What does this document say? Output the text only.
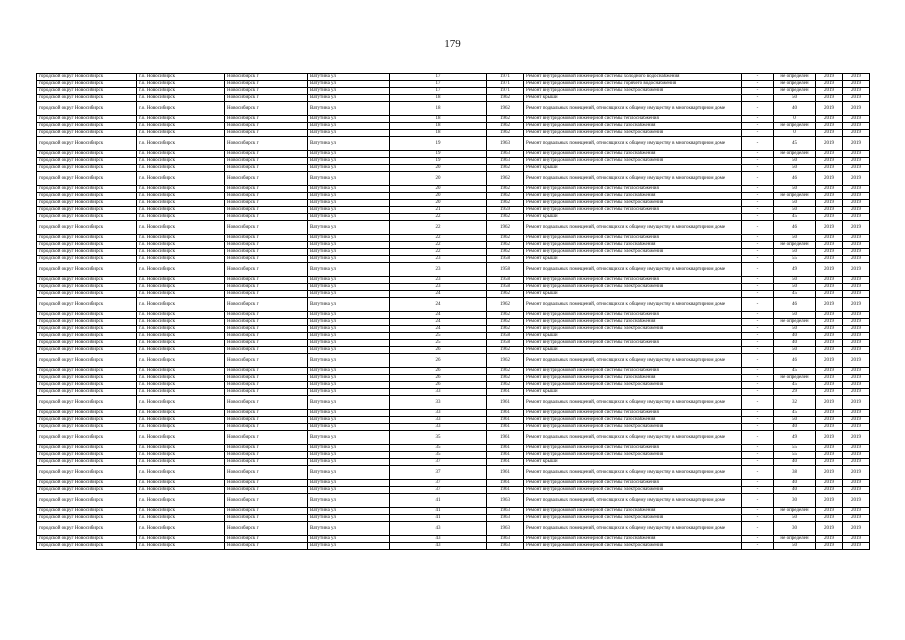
179
городской округ Новосибирск	г.о. Новосибирск	Новосибирск г	Ватутина ул	17	1971	Ремонт внутридомовой инженерной системы холодного водоснабжения	-	не определен	2019	2019
городской округ Новосибирск	г.о. Новосибирск	Новосибирск г	Ватутина ул	17	1971	Ремонт внутридомовой инженерной системы горячего водоснабжения	-	не определен	2019	2019
городской округ Новосибирск	г.о. Новосибирск	Новосибирск г	Ватутина ул	17	1971	Ремонт внутридомовой инженерной системы электроснабжения	-	не определен	2019	2019
городской округ Новосибирск	г.о. Новосибирск	Новосибирск г	Ватутина ул	18	1962	Ремонт крыши	-	50	2019	2019
городской округ Новосибирск	г.о. Новосибирск	Новосибирск г	Ватутина ул	18	1962	Ремонт подвальных помещений, относящихся к общему имуществу в многоквартирном доме	-	40	2019	2019
городской округ Новосибирск	г.о. Новосибирск	Новосибирск г	Ватутина ул	18	1962	Ремонт внутридомовой инженерной системы теплоснабжения	-	0	2019	2019
городской округ Новосибирск	г.о. Новосибирск	Новосибирск г	Ватутина ул	18	1962	Ремонт внутридомовой инженерной системы газоснабжения	-	не определен	2019	2019
городской округ Новосибирск	г.о. Новосибирск	Новосибирск г	Ватутина ул	18	1962	Ремонт внутридомовой инженерной системы электроснабжения	-	0	2019	2019
городской округ Новосибирск	г.о. Новосибирск	Новосибирск г	Ватутина ул	19	1963	Ремонт подвальных помещений, относящихся к общему имуществу в многоквартирном доме	-	45	2019	2019
городской округ Новосибирск	г.о. Новосибирск	Новосибирск г	Ватутина ул	19	1963	Ремонт внутридомовой инженерной системы газоснабжения	-	не определен	2019	2019
городской округ Новосибирск	г.о. Новосибирск	Новосибирск г	Ватутина ул	19	1963	Ремонт внутридомовой инженерной системы электроснабжения	-	50	2019	2019
городской округ Новосибирск	г.о. Новосибирск	Новосибирск г	Ватутина ул	20	1962	Ремонт крыши	-	50	2019	2019
городской округ Новосибирск	г.о. Новосибирск	Новосибирск г	Ватутина ул	20	1962	Ремонт подвальных помещений, относящихся к общему имуществу в многоквартирном доме	-	46	2019	2019
городской округ Новосибирск	г.о. Новосибирск	Новосибирск г	Ватутина ул	20	1962	Ремонт внутридомовой инженерной системы теплоснабжения	-	50	2019	2019
городской округ Новосибирск	г.о. Новосибирск	Новосибирск г	Ватутина ул	20	1962	Ремонт внутридомовой инженерной системы газоснабжения	-	не определен	2019	2019
городской округ Новосибирск	г.о. Новосибирск	Новосибирск г	Ватутина ул	20	1962	Ремонт внутридомовой инженерной системы электроснабжения	-	50	2019	2019
городской округ Новосибирск	г.о. Новосибирск	Новосибирск г	Ватутина ул	21	1959	Ремонт внутридомовой инженерной системы теплоснабжения	-	50	2019	2019
городской округ Новосибирск	г.о. Новосибирск	Новосибирск г	Ватутина ул	22	1962	Ремонт крыши	-	45	2019	2019
городской округ Новосибирск	г.о. Новосибирск	Новосибирск г	Ватутина ул	22	1962	Ремонт подвальных помещений, относящихся к общему имуществу в многоквартирном доме	-	46	2019	2019
городской округ Новосибирск	г.о. Новосибирск	Новосибирск г	Ватутина ул	22	1962	Ремонт внутридомовой инженерной системы теплоснабжения	-	50	2019	2019
городской округ Новосибирск	г.о. Новосибирск	Новосибирск г	Ватутина ул	22	1962	Ремонт внутридомовой инженерной системы газоснабжения	-	не определен	2019	2019
городской округ Новосибирск	г.о. Новосибирск	Новосибирск г	Ватутина ул	22	1962	Ремонт внутридомовой инженерной системы электроснабжения	-	50	2019	2019
городской округ Новосибирск	г.о. Новосибирск	Новосибирск г	Ватутина ул	23	1958	Ремонт крыши	-	55	2019	2019
городской округ Новосибирск	г.о. Новосибирск	Новосибирск г	Ватутина ул	23	1958	Ремонт подвальных помещений, относящихся к общему имуществу в многоквартирном доме	-	49	2019	2019
городской округ Новосибирск	г.о. Новосибирск	Новосибирск г	Ватутина ул	23	1958	Ремонт внутридомовой инженерной системы теплоснабжения	-	50	2019	2019
городской округ Новосибирск	г.о. Новосибирск	Новосибирск г	Ватутина ул	23	1958	Ремонт внутридомовой инженерной системы электроснабжения	-	50	2019	2019
городской округ Новосибирск	г.о. Новосибирск	Новосибирск г	Ватутина ул	24	1962	Ремонт крыши	-	45	2019	2019
городской округ Новосибирск	г.о. Новосибирск	Новосибирск г	Ватутина ул	24	1962	Ремонт подвальных помещений, относящихся к общему имуществу в многоквартирном доме	-	46	2019	2019
городской округ Новосибирск	г.о. Новосибирск	Новосибирск г	Ватутина ул	24	1962	Ремонт внутридомовой инженерной системы теплоснабжения	-	50	2019	2019
городской округ Новосибирск	г.о. Новосибирск	Новосибирск г	Ватутина ул	24	1962	Ремонт внутридомовой инженерной системы газоснабжения	-	не определен	2019	2019
городской округ Новосибирск	г.о. Новосибирск	Новосибирск г	Ватутина ул	24	1962	Ремонт внутридомовой инженерной системы электроснабжения	-	50	2019	2019
городской округ Новосибирск	г.о. Новосибирск	Новосибирск г	Ватутина ул	25	1958	Ремонт крыши	-	40	2019	2019
городской округ Новосибирск	г.о. Новосибирск	Новосибирск г	Ватутина ул	25	1958	Ремонт внутридомовой инженерной системы теплоснабжения	-	40	2019	2019
городской округ Новосибирск	г.о. Новосибирск	Новосибирск г	Ватутина ул	26	1962	Ремонт крыши	-	50	2019	2019
городской округ Новосибирск	г.о. Новосибирск	Новосибирск г	Ватутина ул	26	1962	Ремонт подвальных помещений, относящихся к общему имуществу в многоквартирном доме	-	46	2019	2019
городской округ Новосибирск	г.о. Новосибирск	Новосибирск г	Ватутина ул	26	1962	Ремонт внутридомовой инженерной системы теплоснабжения	-	45	2019	2019
городской округ Новосибирск	г.о. Новосибирск	Новосибирск г	Ватутина ул	26	1962	Ремонт внутридомовой инженерной системы газоснабжения	-	не определен	2019	2019
городской округ Новосибирск	г.о. Новосибирск	Новосибирск г	Ватутина ул	26	1962	Ремонт внутридомовой инженерной системы электроснабжения	-	45	2019	2019
городской округ Новосибирск	г.о. Новосибирск	Новосибирск г	Ватутина ул	33	1961	Ремонт крыши	-	29	2019	2019
городской округ Новосибирск	г.о. Новосибирск	Новосибирск г	Ватутина ул	33	1961	Ремонт подвальных помещений, относящихся к общему имуществу в многоквартирном доме	-	32	2019	2019
городской округ Новосибирск	г.о. Новосибирск	Новосибирск г	Ватутина ул	33	1961	Ремонт внутридомовой инженерной системы теплоснабжения	-	45	2019	2019
городской округ Новосибирск	г.о. Новосибирск	Новосибирск г	Ватутина ул	33	1961	Ремонт внутридомовой инженерной системы газоснабжения	-	50	2019	2019
городской округ Новосибирск	г.о. Новосибирск	Новосибирск г	Ватутина ул	33	1961	Ремонт внутридомовой инженерной системы электроснабжения	-	40	2019	2019
городской округ Новосибирск	г.о. Новосибирск	Новосибирск г	Ватутина ул	35	1961	Ремонт подвальных помещений, относящихся к общему имуществу в многоквартирном доме	-	49	2019	2019
городской округ Новосибирск	г.о. Новосибирск	Новосибирск г	Ватутина ул	35	1961	Ремонт внутридомовой инженерной системы теплоснабжения	-	55	2019	2019
городской округ Новосибирск	г.о. Новосибирск	Новосибирск г	Ватутина ул	35	1961	Ремонт внутридомовой инженерной системы электроснабжения	-	55	2019	2019
городской округ Новосибирск	г.о. Новосибирск	Новосибирск г	Ватутина ул	37	1961	Ремонт крыши	-	40	2019	2019
городской округ Новосибирск	г.о. Новосибирск	Новосибирск г	Ватутина ул	37	1961	Ремонт подвальных помещений, относящихся к общему имуществу в многоквартирном доме	-	38	2019	2019
городской округ Новосибирск	г.о. Новосибирск	Новосибирск г	Ватутина ул	37	1961	Ремонт внутридомовой инженерной системы теплоснабжения	-	40	2019	2019
городской округ Новосибирск	г.о. Новосибирск	Новосибирск г	Ватутина ул	37	1961	Ремонт внутридомовой инженерной системы электроснабжения	-	40	2019	2019
городской округ Новосибирск	г.о. Новосибирск	Новосибирск г	Ватутина ул	41	1963	Ремонт подвальных помещений, относящихся к общему имуществу в многоквартирном доме	-	30	2019	2019
городской округ Новосибирск	г.о. Новосибирск	Новосибирск г	Ватутина ул	41	1963	Ремонт внутридомовой инженерной системы газоснабжения	-	не определен	2019	2019
городской округ Новосибирск	г.о. Новосибирск	Новосибирск г	Ватутина ул	41	1963	Ремонт внутридомовой инженерной системы электроснабжения	-	50	2019	2019
городской округ Новосибирск	г.о. Новосибирск	Новосибирск г	Ватутина ул	43	1963	Ремонт подвальных помещений, относящихся к общему имуществу в многоквартирном доме	-	30	2019	2019
городской округ Новосибирск	г.о. Новосибирск	Новосибирск г	Ватутина ул	43	1963	Ремонт внутридомовой инженерной системы газоснабжения	-	не определен	2019	2019
городской округ Новосибирск	г.о. Новосибирск	Новосибирск г	Ватутина ул	43	1963	Ремонт внутридомовой инженерной системы электроснабжения	-	50	2019	2019
